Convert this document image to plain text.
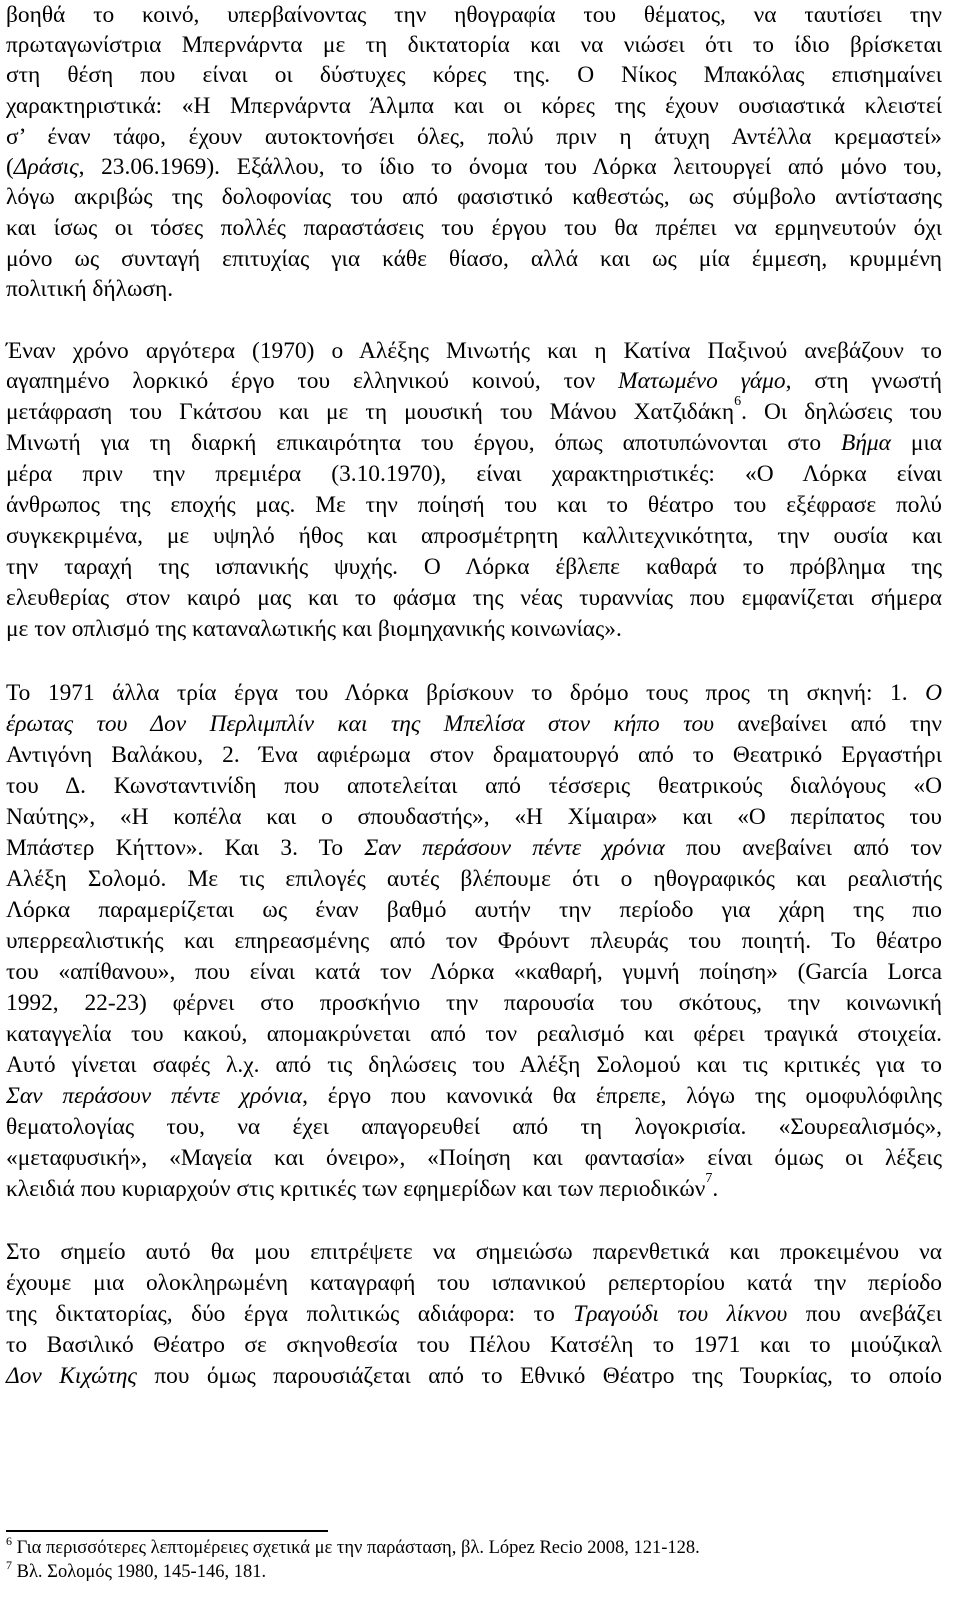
βοηθά το κοινό, υπερβαίνοντας την ηθογραφία του θέματος, να ταυτίσει την
πρωταγωνίστρια Μπερνάρντα με τη δικτατορία και να νιώσει ότι το ίδιο βρίσκεται
στη θέση που είναι οι δύστυχες κόρες της. Ο Νίκος Μπακόλας επισημαίνει
χαρακτηριστικά: «Η Μπερνάρντα Άλμπα και οι κόρες της έχουν ουσιαστικά κλειστεί
σ’ έναν τάφο, έχουν αυτοκτονήσει όλες, πολύ πριν η άτυχη Αντέλλα κρεμαστεί»
(Δράσις, 23.06.1969). Εξάλλου, το ίδιο το όνομα του Λόρκα λειτουργεί από μόνο του,
λόγω ακριβώς της δολοφονίας του από φασιστικό καθεστώς, ως σύμβολο αντίστασης
και ίσως οι τόσες πολλές παραστάσεις του έργου του θα πρέπει να ερμηνευτούν όχι
μόνο ως συνταγή επιτυχίας για κάθε θίασο, αλλά και ως μία έμμεση, κρυμμένη
πολιτική δήλωση.
Έναν χρόνο αργότερα (1970) ο Αλέξης Μινωτής και η Κατίνα Παξινού ανεβάζουν το
αγαπημένο λορκικό έργο του ελληνικού κοινού, τον Ματωμένο γάμο, στη γνωστή
μετάφραση του Γκάτσου και με τη μουσική του Μάνου Χατζιδάκη$^6$. Οι δηλώσεις του
Μινωτή για τη διαρκή επικαιρότητα του έργου, όπως αποτυπώνονται στο Βήμα μια
μέρα πριν την πρεμιέρα (3.10.1970), είναι χαρακτηριστικές: «Ο Λόρκα είναι
άνθρωπος της εποχής μας. Με την ποίησή του και το θέατρο του εξέφρασε πολύ
συγκεκριμένα, με υψηλό ήθος και απροσμέτρητη καλλιτεχνικότητα, την ουσία και
την ταραχή της ισπανικής ψυχής. Ο Λόρκα έβλεπε καθαρά το πρόβλημα της
ελευθερίας στον καιρό μας και το φάσμα της νέας τυραννίας που εμφανίζεται σήμερα
με τον οπλισμό της καταναλωτικής και βιομηχανικής κοινωνίας».
Το 1971 άλλα τρία έργα του Λόρκα βρίσκουν το δρόμο τους προς τη σκηνή: 1. Ο
έρωτας του Δον Περλιμπλίν και της Μπελίσα στον κήπο του ανεβαίνει από την
Αντιγόνη Βαλάκου, 2. Ένα αφιέρωμα στον δραματουργό από το Θεατρικό Εργαστήρι
του Δ. Κωνσταντινίδη που αποτελείται από τέσσερις θεατρικούς διαλόγους «Ο
Ναύτης», «Η κοπέλα και ο σπουδαστής», «Η Χίμαιρα» και «Ο περίπατος του
Μπάστερ Κήττον». Και 3. Το Σαν περάσουν πέντε χρόνια που ανεβαίνει από τον
Αλέξη Σολομό. Με τις επιλογές αυτές βλέπουμε ότι ο ηθογραφικός και ρεαλιστής
Λόρκα παραμερίζεται ως έναν βαθμό αυτήν την περίοδο για χάρη της πιο
υπερρεαλιστικής και επηρεασμένης από τον Φρόυντ πλευράς του ποιητή. Το θέατρο
του «απίθανου», που είναι κατά τον Λόρκα «καθαρή, γυμνή ποίηση» (García Lorca
1992, 22-23) φέρνει στο προσκήνιο την παρουσία του σκότους, την κοινωνική
καταγγελία του κακού, απομακρύνεται από τον ρεαλισμό και φέρει τραγικά στοιχεία.
Αυτό γίνεται σαφές λ.χ. από τις δηλώσεις του Αλέξη Σολομού και τις κριτικές για το
Σαν περάσουν πέντε χρόνια, έργο που κανονικά θα έπρεπε, λόγω της ομοφυλόφιλης
θεματολογίας του, να έχει απαγορευθεί από τη λογοκρισία. «Σουρεαλισμός»,
«μεταφυσική», «Μαγεία και όνειρο», «Ποίηση και φαντασία» είναι όμως οι λέξεις
κλειδιά που κυριαρχούν στις κριτικές των εφημερίδων και των περιοδικών$^7$.
Στο σημείο αυτό θα μου επιτρέψετε να σημειώσω παρενθετικά και προκειμένου να
έχουμε μια ολοκληρωμένη καταγραφή του ισπανικού ρεπερτορίου κατά την περίοδο
της δικτατορίας, δύο έργα πολιτικώς αδιάφορα: το Τραγούδι του λίκνου που ανεβάζει
το Βασιλικό Θέατρο σε σκηνοθεσία του Πέλου Κατσέλη το 1971 και το μιούζικαλ
Δον Κιχώτης που όμως παρουσιάζεται από το Εθνικό Θέατρο της Τουρκίας, το οποίο
$^6$ Για περισσότερες λεπτομέρειες σχετικά με την παράσταση, βλ. López Recio 2008, 121-128.
$^7$ Βλ. Σολομός 1980, 145-146, 181.
